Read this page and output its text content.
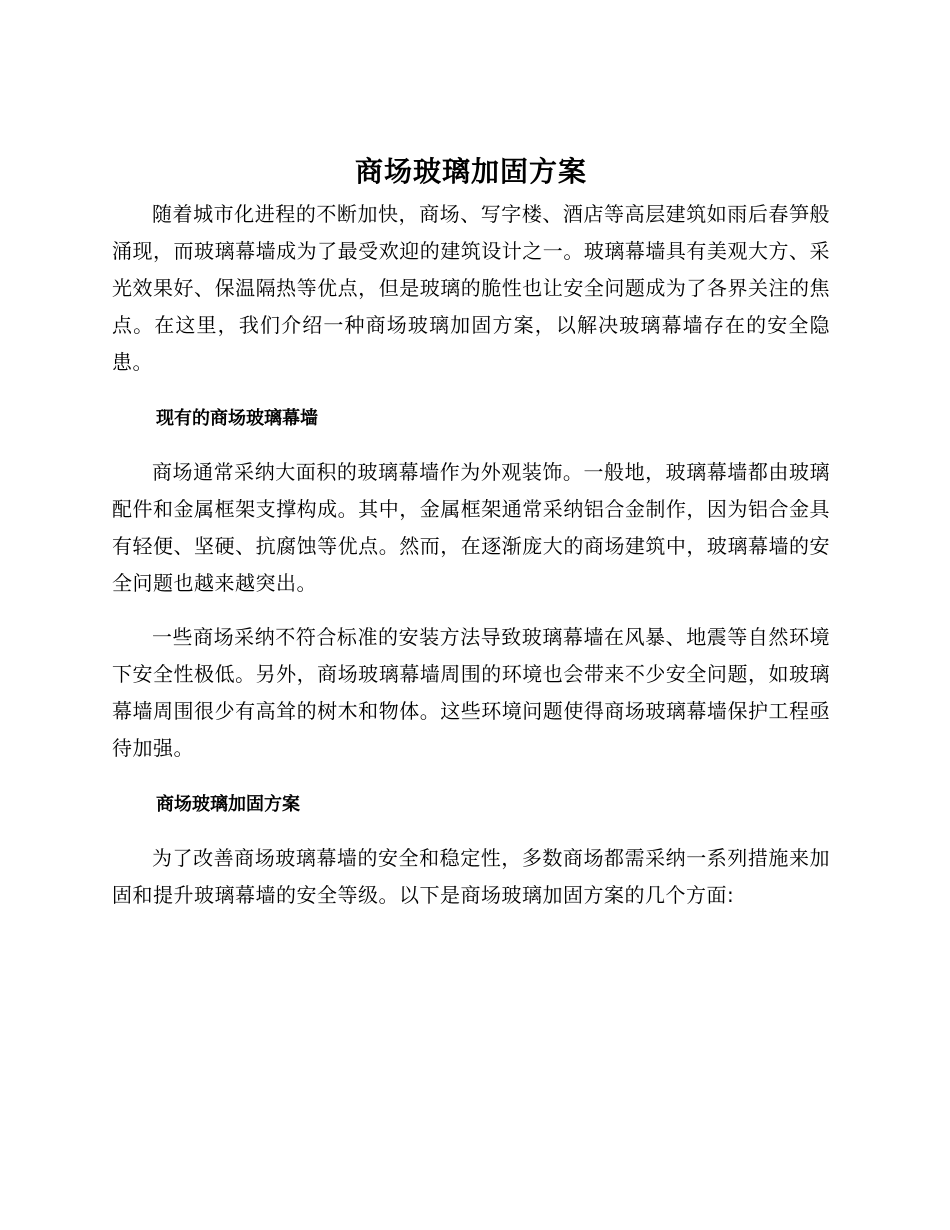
商场玻璃加固方案

随着城市化进程的不断加快，商场、写字楼、酒店等高层建筑如雨后春笋般涌现，而玻璃幕墙成为了最受欢迎的建筑设计之一。玻璃幕墙具有美观大方、采光效果好、保温隔热等优点，但是玻璃的脆性也让安全问题成为了各界关注的焦点。在这里，我们介绍一种商场玻璃加固方案，以解决玻璃幕墙存在的安全隐患。

现有的商场玻璃幕墙

商场通常采纳大面积的玻璃幕墙作为外观装饰。一般地，玻璃幕墙都由玻璃配件和金属框架支撑构成。其中，金属框架通常采纳铝合金制作，因为铝合金具有轻便、坚硬、抗腐蚀等优点。然而，在逐渐庞大的商场建筑中，玻璃幕墙的安全问题也越来越突出。

一些商场采纳不符合标准的安装方法导致玻璃幕墙在风暴、地震等自然环境下安全性极低。另外，商场玻璃幕墙周围的环境也会带来不少安全问题，如玻璃幕墙周围很少有高耸的树木和物体。这些环境问题使得商场玻璃幕墙保护工程亟待加强。

商场玻璃加固方案

为了改善商场玻璃幕墙的安全和稳定性，多数商场都需采纳一系列措施来加固和提升玻璃幕墙的安全等级。以下是商场玻璃加固方案的几个方面:
